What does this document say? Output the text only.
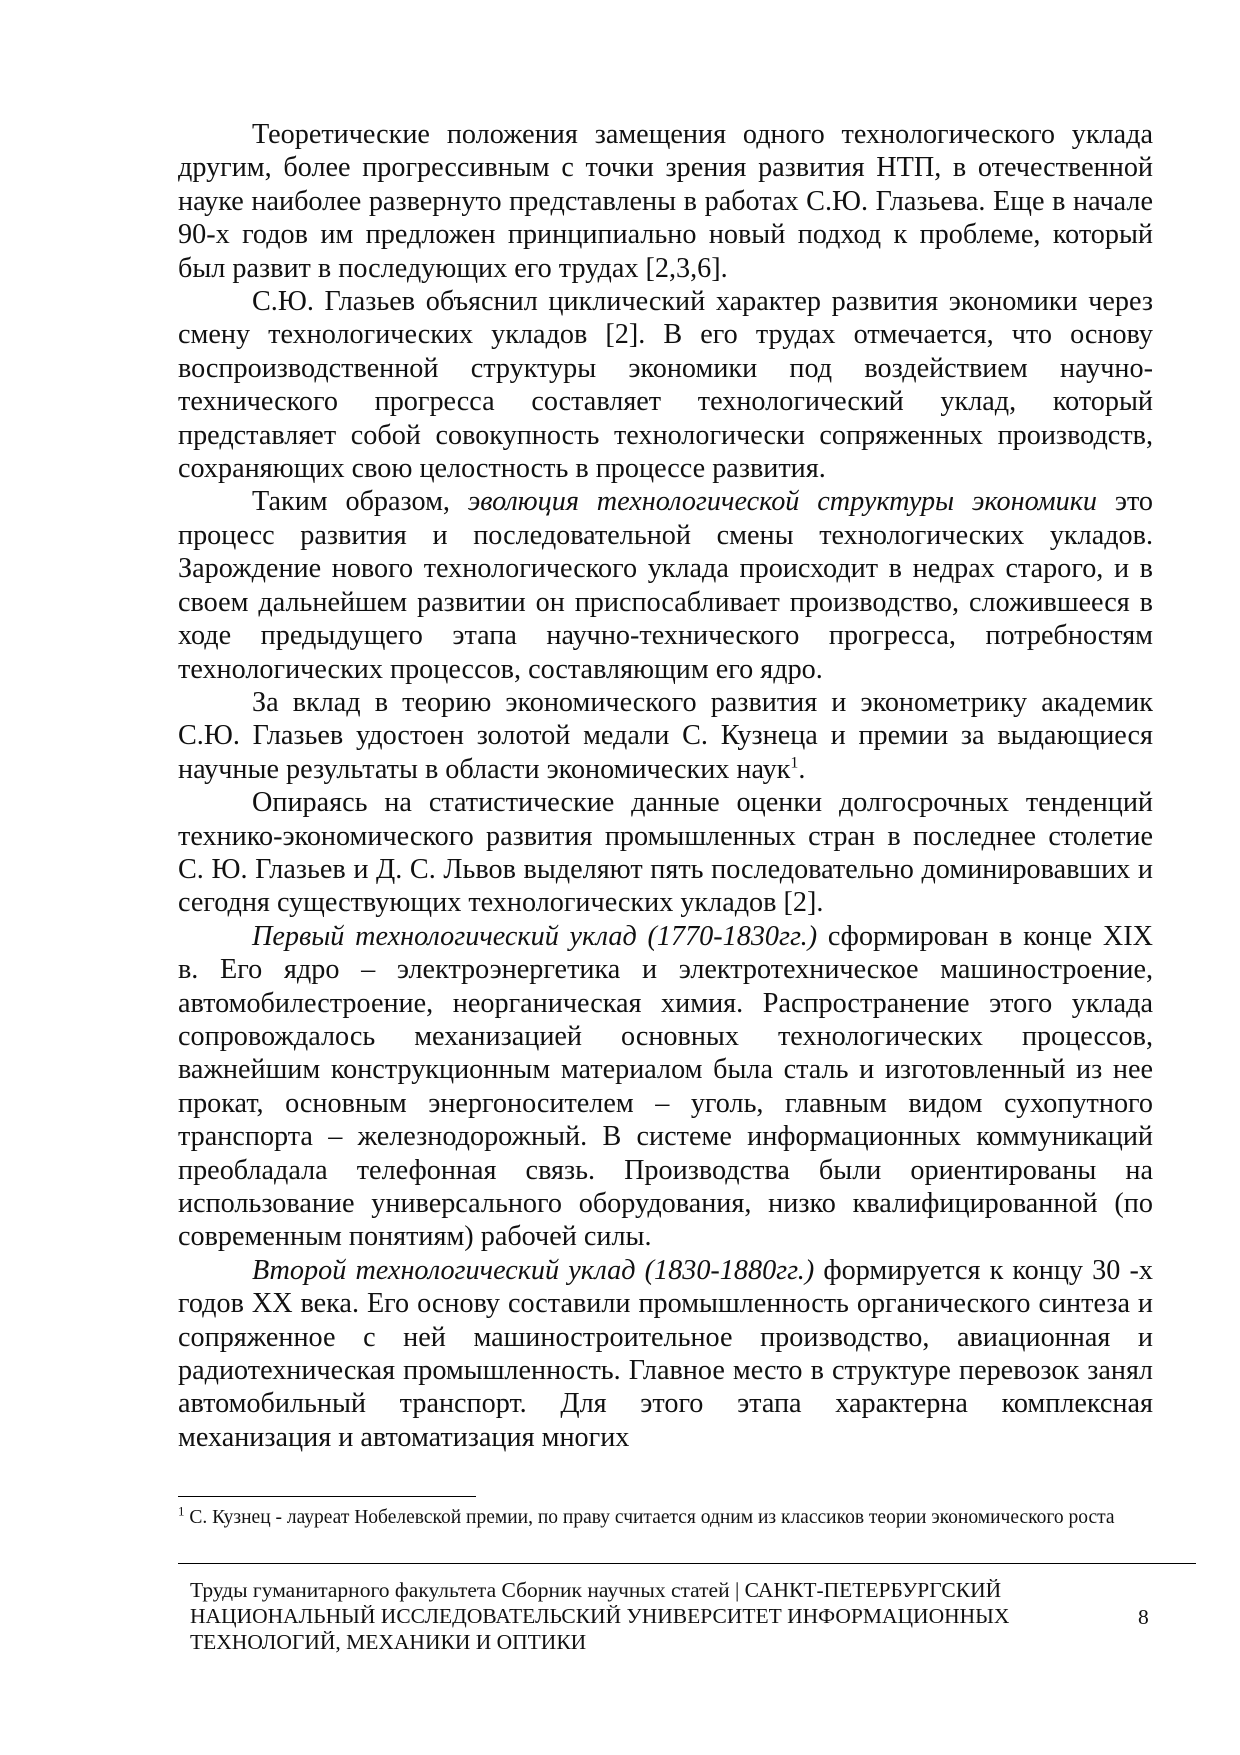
Теоретические положения замещения одного технологического уклада другим, более прогрессивным с точки зрения развития НТП, в отечественной науке наиболее развернуто представлены в работах С.Ю. Глазьева. Еще в начале 90-х годов им предложен принципиально новый подход к проблеме, который был развит в последующих его трудах [2,3,6].

С.Ю. Глазьев объяснил циклический характер развития экономики через смену технологических укладов [2]. В его трудах отмечается, что основу воспроизводственной структуры экономики под воздействием научно-технического прогресса составляет технологический уклад, который представляет собой совокупность технологически сопряженных производств, сохраняющих свою целостность в процессе развития.

Таким образом, эволюция технологической структуры экономики это процесс развития и последовательной смены технологических укладов. Зарождение нового технологического уклада происходит в недрах старого, и в своем дальнейшем развитии он приспосабливает производство, сложившееся в ходе предыдущего этапа научно-технического прогресса, потребностям технологических процессов, составляющим его ядро.

За вклад в теорию экономического развития и эконометрику академик С.Ю. Глазьев удостоен золотой медали С. Кузнеца и премии за выдающиеся научные результаты в области экономических наук$^1$.

Опираясь на статистические данные оценки долгосрочных тенденций технико-экономического развития промышленных стран в последнее столетие С. Ю. Глазьев и Д. С. Львов выделяют пять последовательно доминировавших и сегодня существующих технологических укладов [2].

Первый технологический уклад (1770-1830гг.) сформирован в конце XIX в. Его ядро – электроэнергетика и электротехническое машиностроение, автомобилестроение, неорганическая химия. Распространение этого уклада сопровождалось механизацией основных технологических процессов, важнейшим конструкционным материалом была сталь и изготовленный из нее прокат, основным энергоносителем – уголь, главным видом сухопутного транспорта – железнодорожный. В системе информационных коммуникаций преобладала телефонная связь. Производства были ориентированы на использование универсального оборудования, низко квалифицированной (по современным понятиям) рабочей силы.

Второй технологический уклад (1830-1880гг.) формируется к концу 30 -х годов XX века. Его основу составили промышленность органического синтеза и сопряженное с ней машиностроительное производство, авиационная и радиотехническая промышленность. Главное место в структуре перевозок занял автомобильный транспорт. Для этого этапа характерна комплексная механизация и автоматизация многих

$^1$ С. Кузнец - лауреат Нобелевской премии, по праву считается одним из классиков теории экономического роста
Труды гуманитарного факультета Сборник научных статей | САНКТ-ПЕТЕРБУРГСКИЙ
НАЦИОНАЛЬНЫЙ ИССЛЕДОВАТЕЛЬСКИЙ УНИВЕРСИТЕТ ИНФОРМАЦИОННЫХ
ТЕХНОЛОГИЙ, МЕХАНИКИ И ОПТИКИ
8
